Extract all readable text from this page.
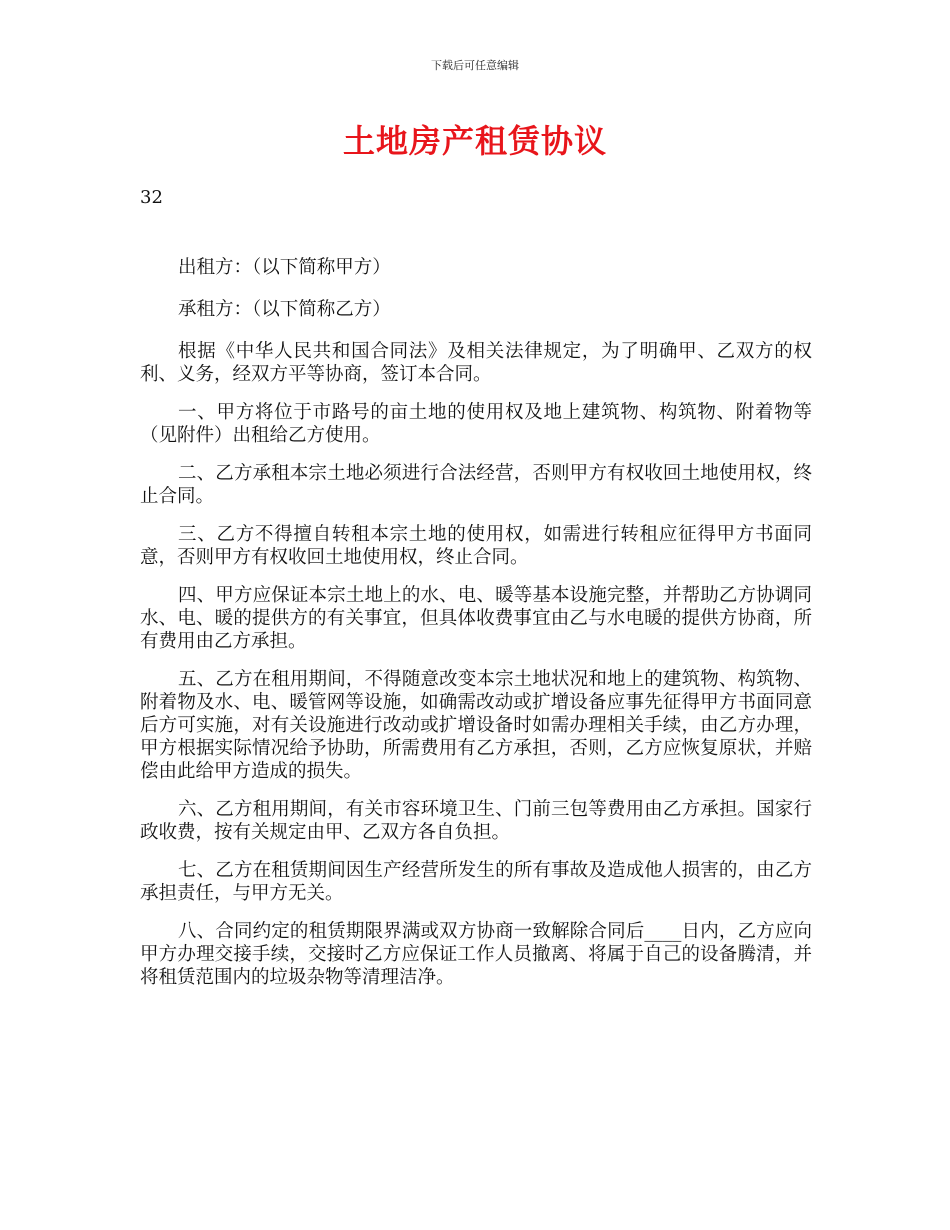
下载后可任意编辑
土地房产租赁协议
32

出租方：（以下简称甲方）

承租方：（以下简称乙方）

根据《中华人民共和国合同法》及相关法律规定，为了明确甲、乙双方的权利、义务，经双方平等协商，签订本合同。

一、甲方将位于市路号的亩土地的使用权及地上建筑物、构筑物、附着物等（见附件）出租给乙方使用。

二、乙方承租本宗土地必须进行合法经营，否则甲方有权收回土地使用权，终止合同。

三、乙方不得擅自转租本宗土地的使用权，如需进行转租应征得甲方书面同意，否则甲方有权收回土地使用权，终止合同。

四、甲方应保证本宗土地上的水、电、暖等基本设施完整，并帮助乙方协调同水、电、暖的提供方的有关事宜，但具体收费事宜由乙与水电暖的提供方协商，所有费用由乙方承担。

五、乙方在租用期间，不得随意改变本宗土地状况和地上的建筑物、构筑物、附着物及水、电、暖管网等设施，如确需改动或扩增设备应事先征得甲方书面同意后方可实施，对有关设施进行改动或扩增设备时如需办理相关手续，由乙方办理，甲方根据实际情况给予协助，所需费用有乙方承担，否则，乙方应恢复原状，并赔偿由此给甲方造成的损失。

六、乙方租用期间，有关市容环境卫生、门前三包等费用由乙方承担。国家行政收费，按有关规定由甲、乙双方各自负担。

七、乙方在租赁期间因生产经营所发生的所有事故及造成他人损害的，由乙方承担责任，与甲方无关。

八、合同约定的租赁期限界满或双方协商一致解除合同后____日内，乙方应向甲方办理交接手续，交接时乙方应保证工作人员撤离、将属于自己的设备腾清，并将租赁范围内的垃圾杂物等清理洁净。
